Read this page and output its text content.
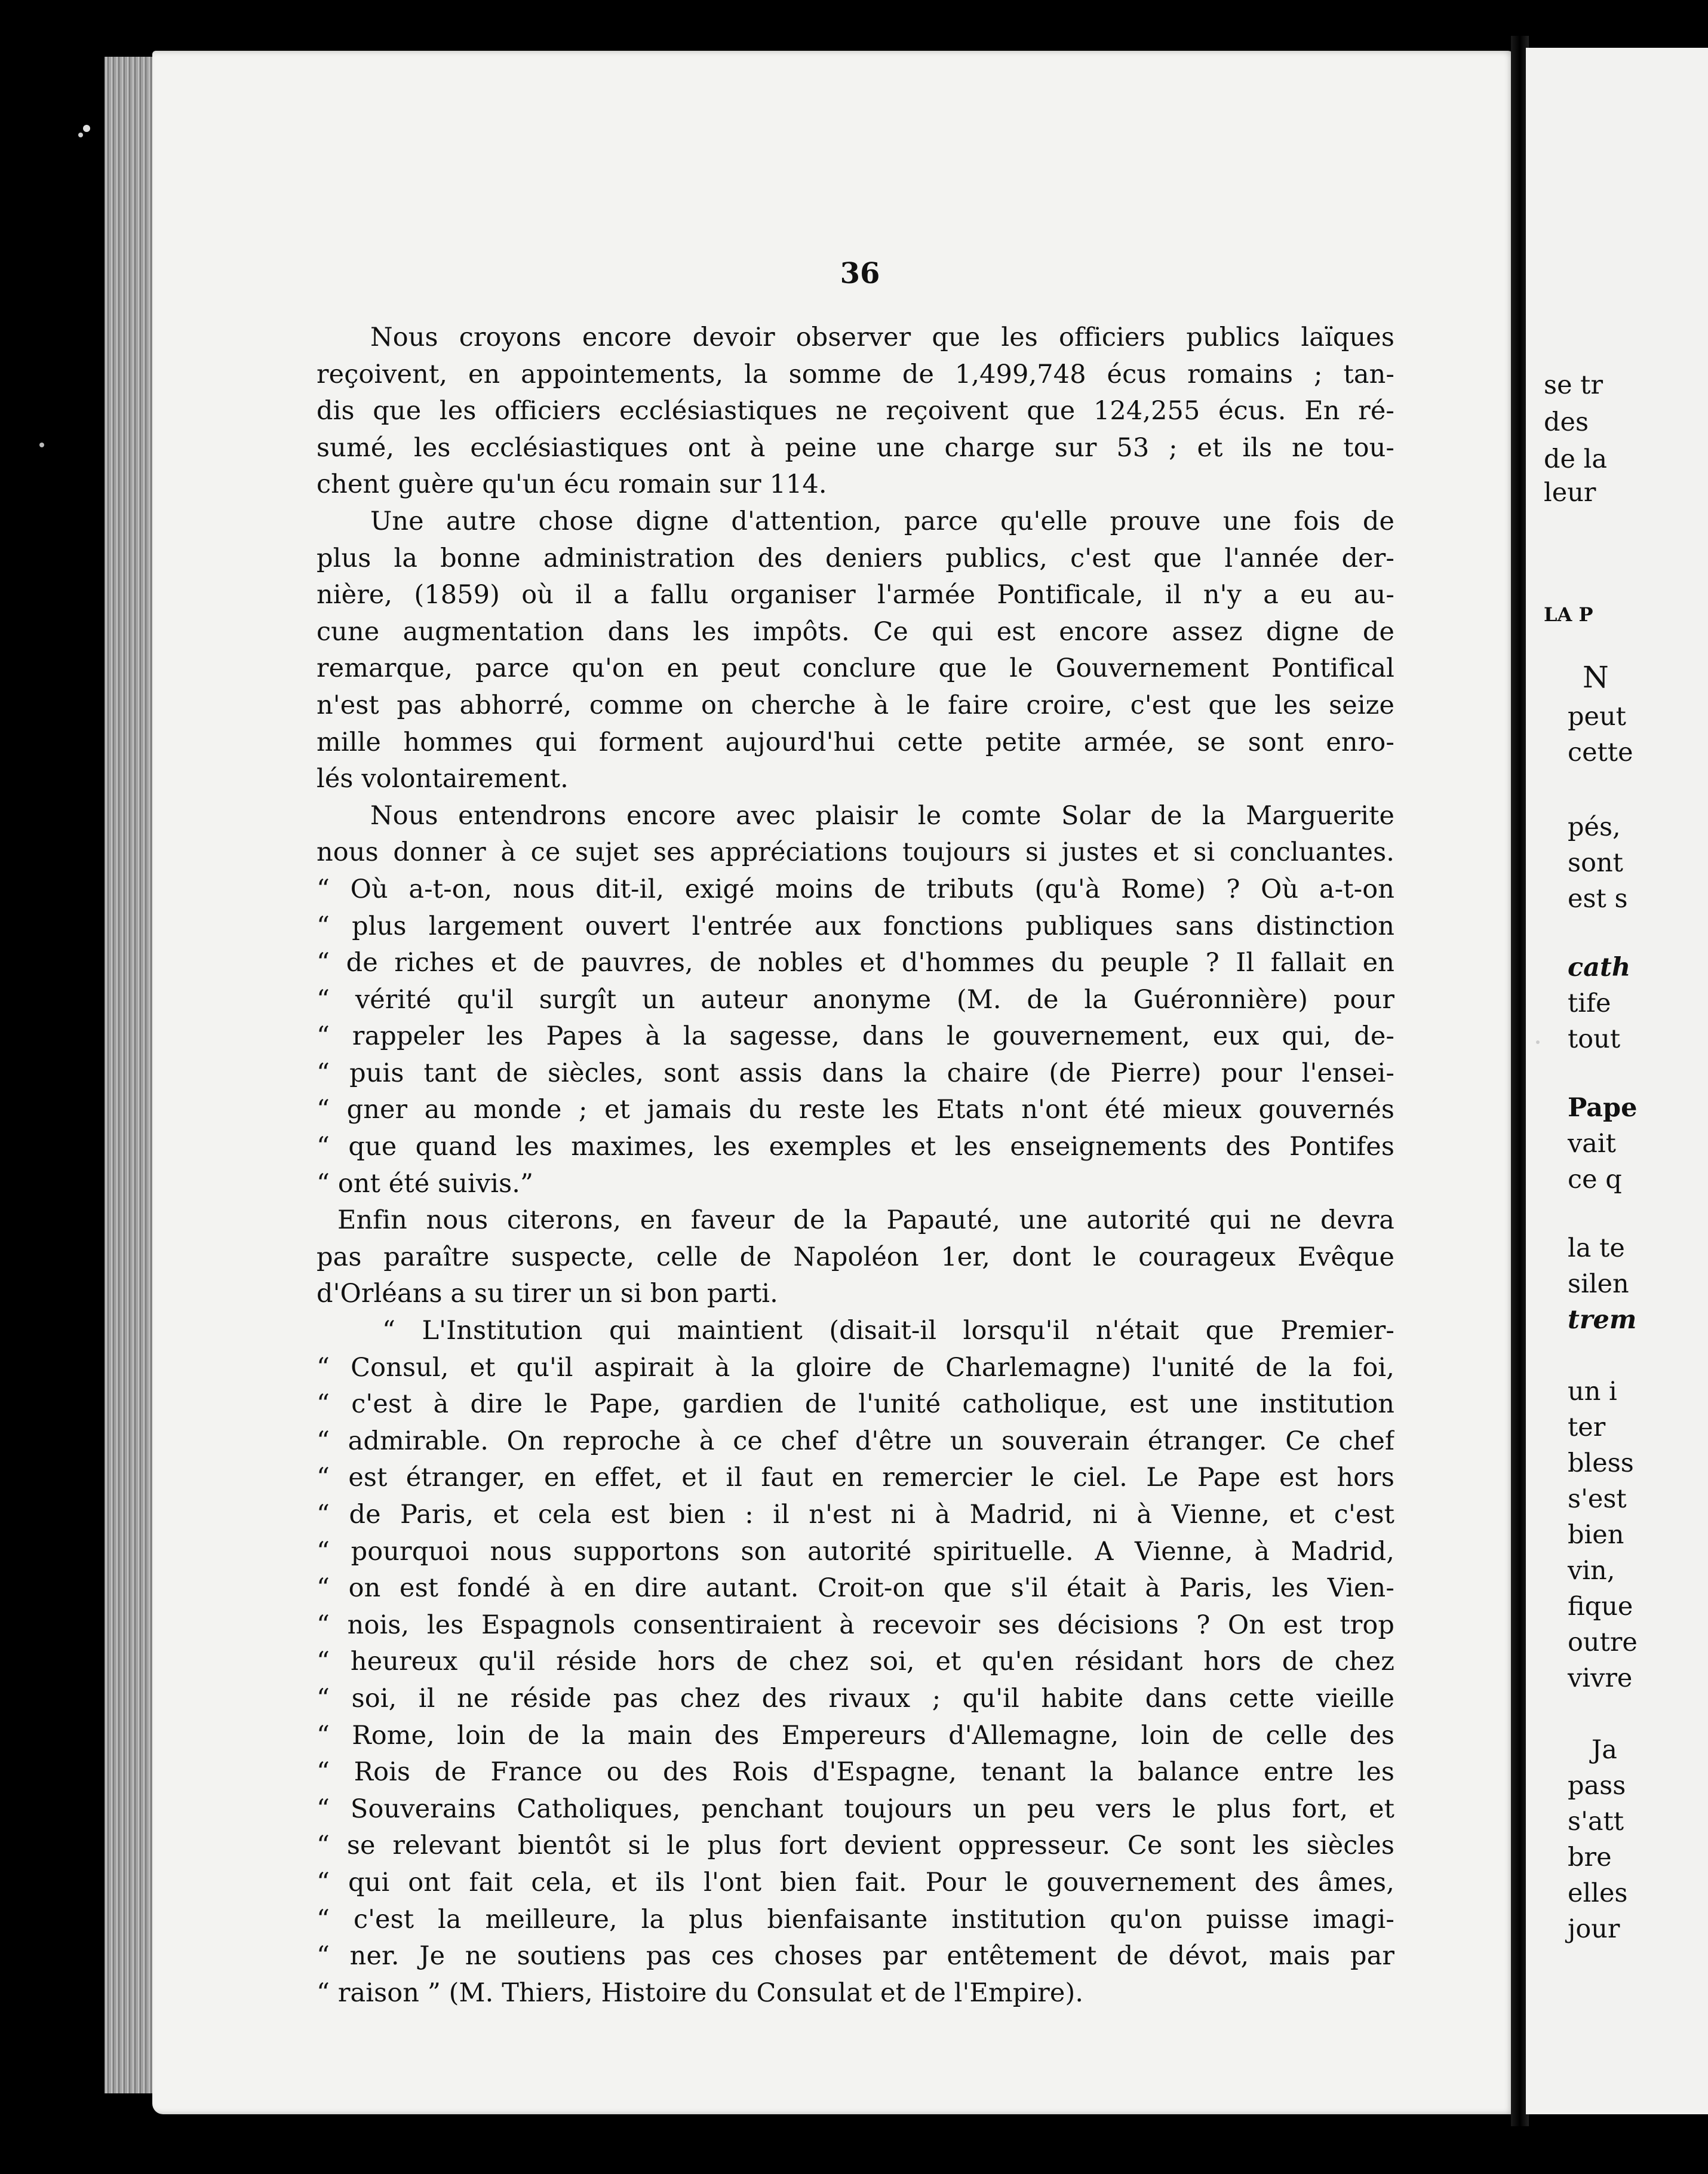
36
Nous croyons encore devoir observer que les officiers publics laïques
reçoivent, en appointements, la somme de 1,499,748 écus romains ; tan-
dis que les officiers ecclésiastiques ne reçoivent que 124,255 écus. En ré-
sumé, les ecclésiastiques ont à peine une charge sur 53 ; et ils ne tou-
chent guère qu'un écu romain sur 114.
Une autre chose digne d'attention, parce qu'elle prouve une fois de
plus la bonne administration des deniers publics, c'est que l'année der-
nière, (1859) où il a fallu organiser l'armée Pontificale, il n'y a eu au-
cune augmentation dans les impôts. Ce qui est encore assez digne de
remarque, parce qu'on en peut conclure que le Gouvernement Pontifical
n'est pas abhorré, comme on cherche à le faire croire, c'est que les seize
mille hommes qui forment aujourd'hui cette petite armée, se sont enro-
lés volontairement.
Nous entendrons encore avec plaisir le comte Solar de la Marguerite
nous donner à ce sujet ses appréciations toujours si justes et si concluantes.
“ Où a-t-on, nous dit-il, exigé moins de tributs (qu'à Rome) ? Où a-t-on
“ plus largement ouvert l'entrée aux fonctions publiques sans distinction
“ de riches et de pauvres, de nobles et d'hommes du peuple ? Il fallait en
“ vérité qu'il surgît un auteur anonyme (M. de la Guéronnière) pour
“ rappeler les Papes à la sagesse, dans le gouvernement, eux qui, de-
“ puis tant de siècles, sont assis dans la chaire (de Pierre) pour l'ensei-
“ gner au monde ; et jamais du reste les Etats n'ont été mieux gouvernés
“ que quand les maximes, les exemples et les enseignements des Pontifes
“ ont été suivis.”
Enfin nous citerons, en faveur de la Papauté, une autorité qui ne devra
pas paraître suspecte, celle de Napoléon 1er, dont le courageux Evêque
d'Orléans a su tirer un si bon parti.
“ L'Institution qui maintient (disait-il lorsqu'il n'était que Premier-
“ Consul, et qu'il aspirait à la gloire de Charlemagne) l'unité de la foi,
“ c'est à dire le Pape, gardien de l'unité catholique, est une institution
“ admirable. On reproche à ce chef d'être un souverain étranger. Ce chef
“ est étranger, en effet, et il faut en remercier le ciel. Le Pape est hors
“ de Paris, et cela est bien : il n'est ni à Madrid, ni à Vienne, et c'est
“ pourquoi nous supportons son autorité spirituelle. A Vienne, à Madrid,
“ on est fondé à en dire autant. Croit-on que s'il était à Paris, les Vien-
“ nois, les Espagnols consentiraient à recevoir ses décisions ? On est trop
“ heureux qu'il réside hors de chez soi, et qu'en résidant hors de chez
“ soi, il ne réside pas chez des rivaux ; qu'il habite dans cette vieille
“ Rome, loin de la main des Empereurs d'Allemagne, loin de celle des
“ Rois de France ou des Rois d'Espagne, tenant la balance entre les
“ Souverains Catholiques, penchant toujours un peu vers le plus fort, et
“ se relevant bientôt si le plus fort devient oppresseur. Ce sont les siècles
“ qui ont fait cela, et ils l'ont bien fait. Pour le gouvernement des âmes,
“ c'est la meilleure, la plus bienfaisante institution qu'on puisse imagi-
“ ner. Je ne soutiens pas ces choses par entêtement de dévot, mais par
“ raison ” (M. Thiers, Histoire du Consulat et de l'Empire).
se tr
des
de la
leur
LA P
N
peut
cette
pés,
sont
est s
cath
tife
tout
Pape
vait
ce q
la te
silen
trem
un i
ter
bless
s'est
bien
vin,
fique
outre
vivre
Ja
pass
s'att
bre
elles
jour
